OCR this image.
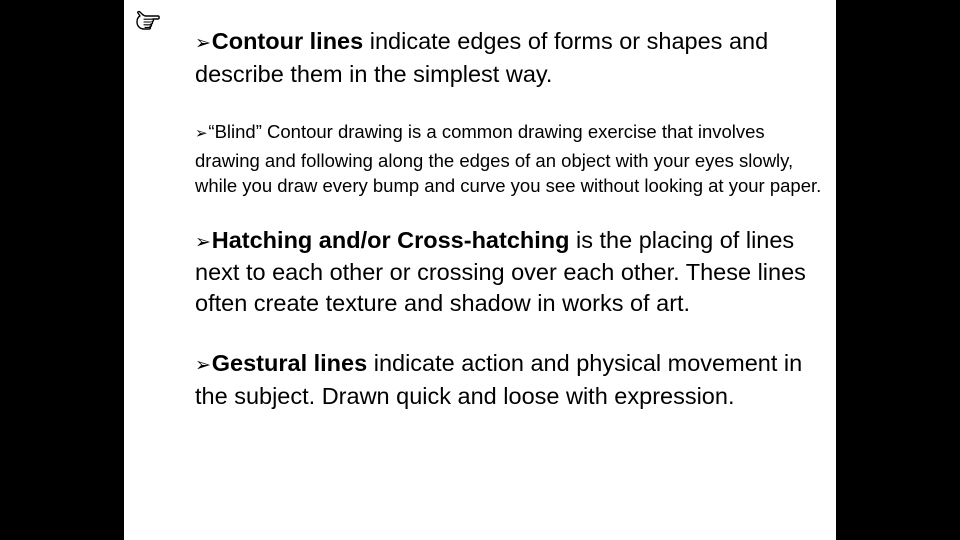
➢Contour lines indicate edges of forms or shapes and describe them in the simplest way.

➢“Blind” Contour drawing is a common drawing exercise that involves drawing and following along the edges of an object with your eyes slowly, while you draw every bump and curve you see without looking at your paper.

➢Hatching and/or Cross-hatching is the placing of lines next to each other or crossing over each other. These lines often create texture and shadow in works of art.

➢Gestural lines indicate action and physical movement in the subject. Drawn quick and loose with expression.
